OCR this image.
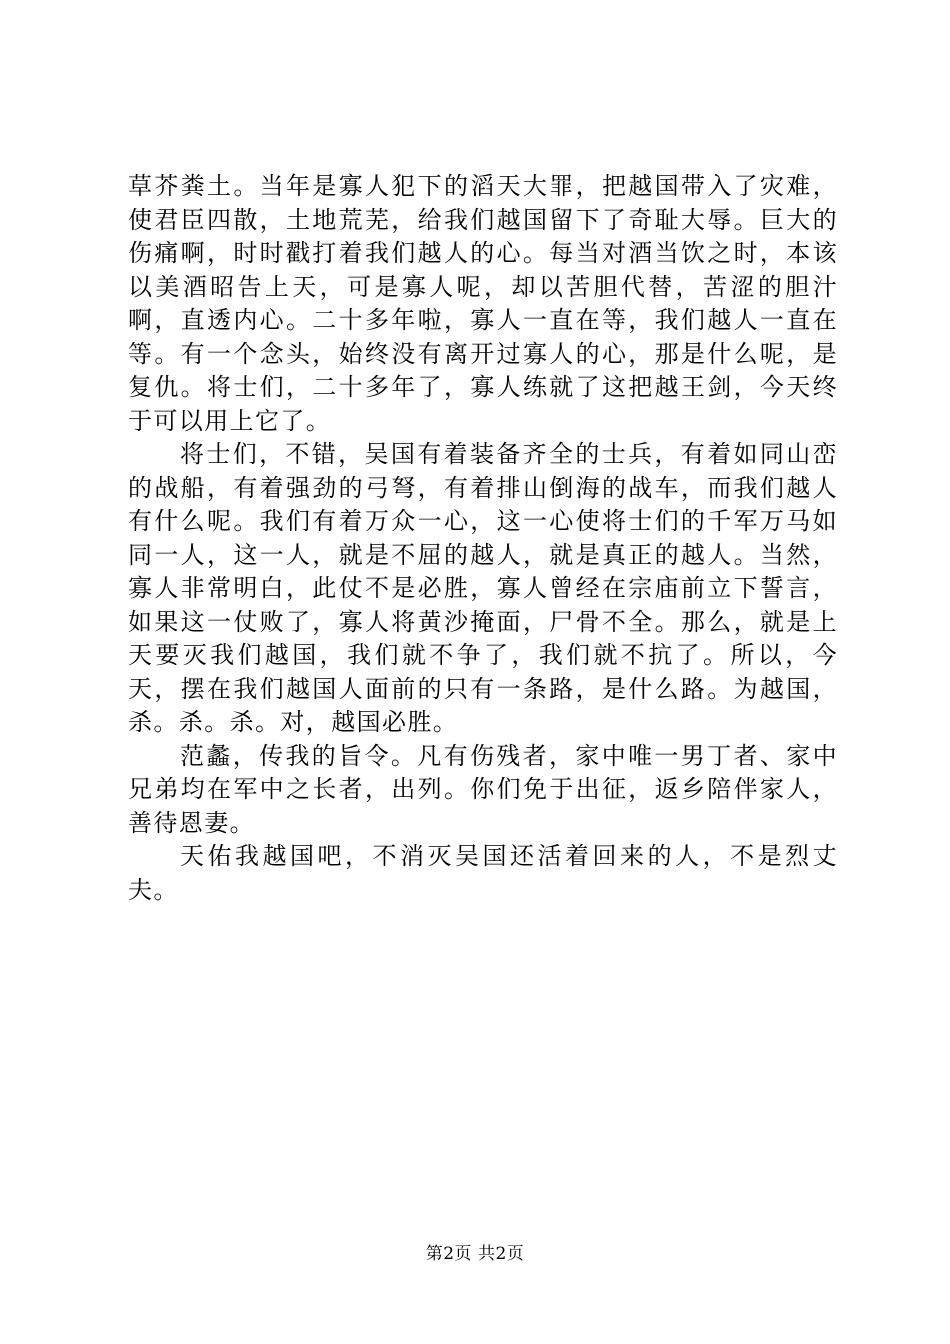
草芥粪土。当年是寡人犯下的滔天大罪，把越国带入了灾难，使君臣四散，土地荒芜，给我们越国留下了奇耻大辱。巨大的伤痛啊，时时戳打着我们越人的心。每当对酒当饮之时，本该以美酒昭告上天，可是寡人呢，却以苦胆代替，苦涩的胆汁啊，直透内心。二十多年啦，寡人一直在等，我们越人一直在等。有一个念头，始终没有离开过寡人的心，那是什么呢，是复仇。将士们，二十多年了，寡人练就了这把越王剑，今天终于可以用上它了。

将士们，不错，吴国有着装备齐全的士兵，有着如同山峦的战船，有着强劲的弓弩，有着排山倒海的战车，而我们越人有什么呢。我们有着万众一心，这一心使将士们的千军万马如同一人，这一人，就是不屈的越人，就是真正的越人。当然，寡人非常明白，此仗不是必胜，寡人曾经在宗庙前立下誓言，如果这一仗败了，寡人将黄沙掩面，尸骨不全。那么，就是上天要灭我们越国，我们就不争了，我们就不抗了。所以，今天，摆在我们越国人面前的只有一条路，是什么路。为越国，杀。杀。杀。对，越国必胜。

范蠡，传我的旨令。凡有伤残者，家中唯一男丁者、家中兄弟均在军中之长者，出列。你们免于出征，返乡陪伴家人，善待恩妻。

天佑我越国吧，不消灭吴国还活着回来的人，不是烈丈夫。

第2页 共2页
